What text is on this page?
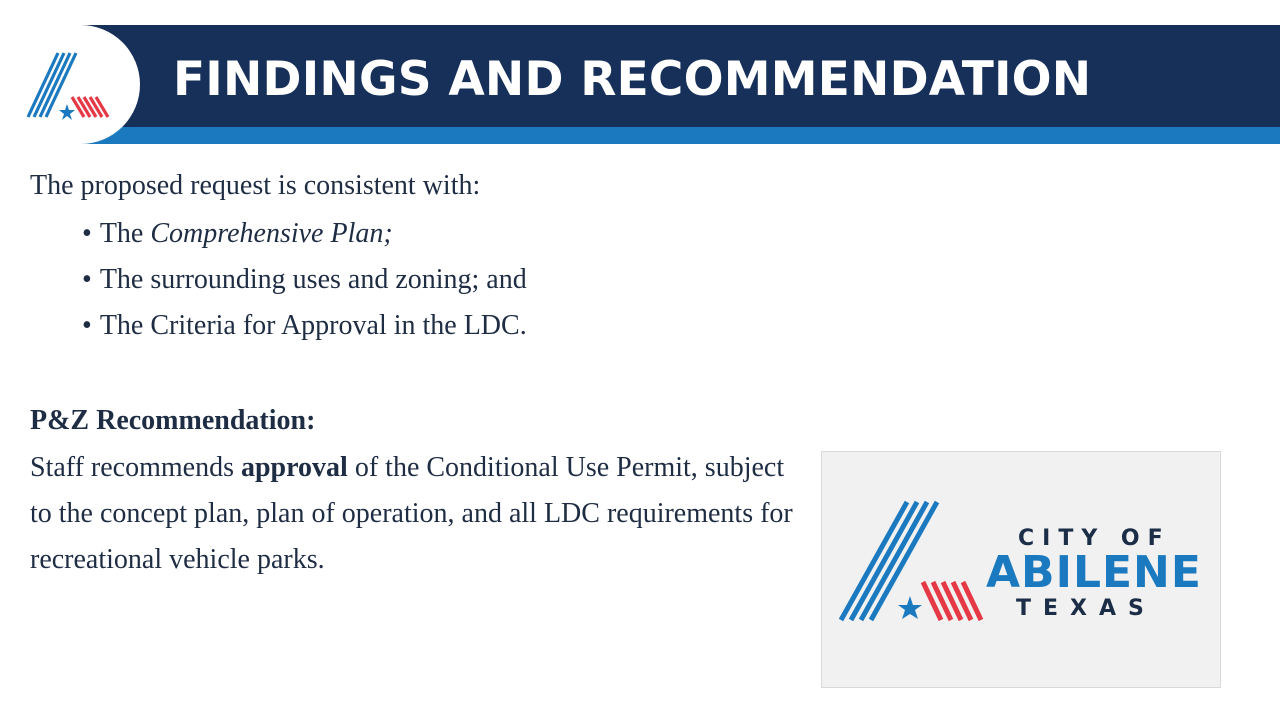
FINDINGS AND RECOMMENDATION

The proposed request is consistent with:

• The Comprehensive Plan;
• The surrounding uses and zoning; and
• The Criteria for Approval in the LDC.

P&Z Recommendation:

Staff recommends approval of the Conditional Use Permit, subject to the concept plan, plan of operation, and all LDC requirements for recreational vehicle parks.

CITY OF
ABILENE
TEXAS
